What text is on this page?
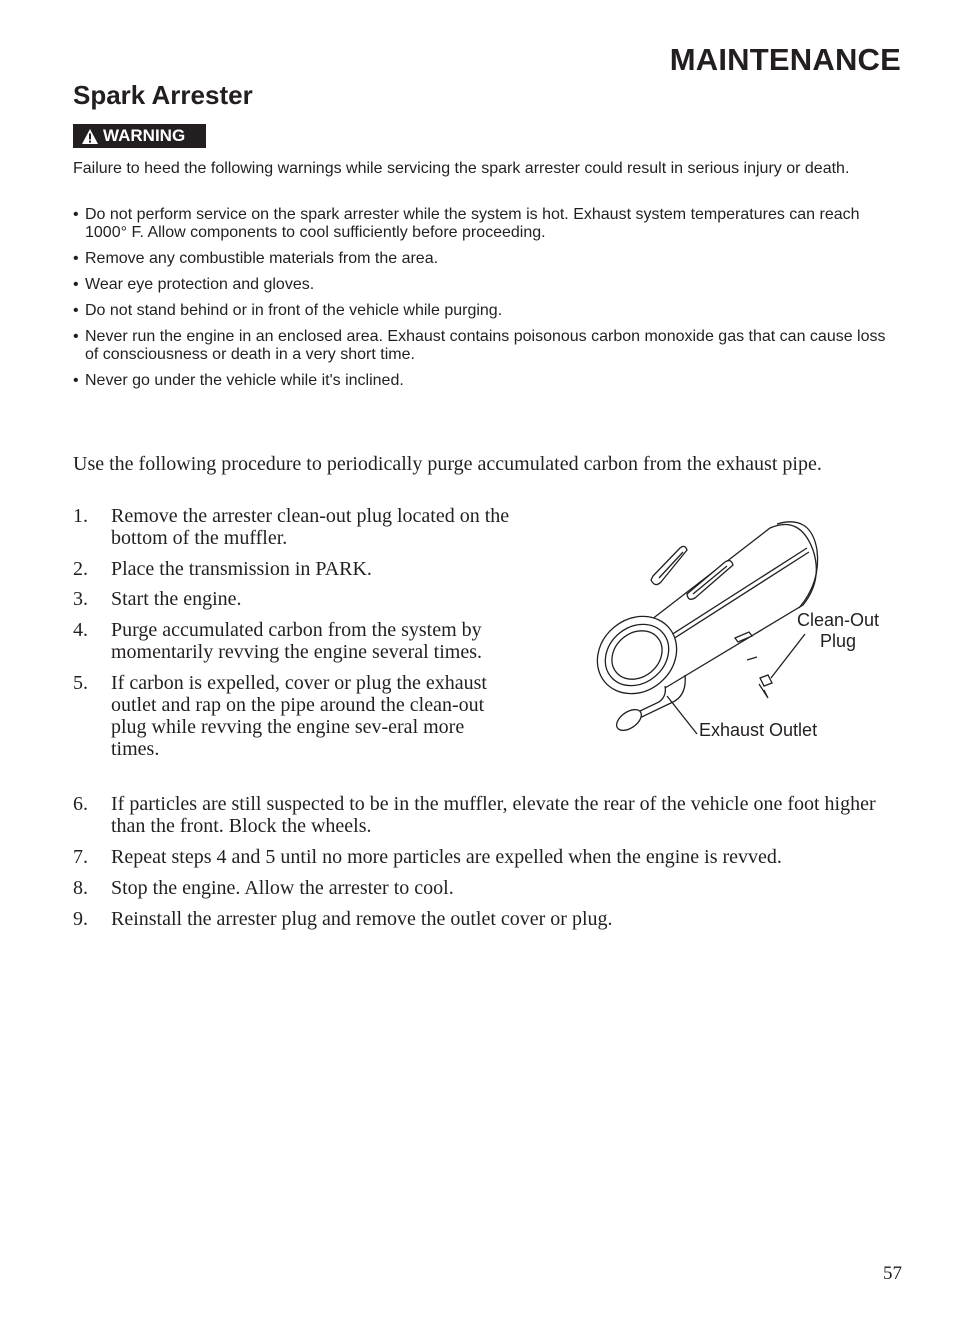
MAINTENANCE
Spark Arrester
WARNING

Failure to heed the following warnings while servicing the spark arrester could result in serious injury or death.

• Do not perform service on the spark arrester while the system is hot. Exhaust system temperatures can reach 1000° F. Allow components to cool sufficiently before proceeding.
• Remove any combustible materials from the area.
• Wear eye protection and gloves.
• Do not stand behind or in front of the vehicle while purging.
• Never run the engine in an enclosed area. Exhaust contains poisonous carbon monoxide gas that can cause loss of consciousness or death in a very short time.
• Never go under the vehicle while it's inclined.

Use the following procedure to periodically purge accumulated carbon from the exhaust pipe.

1. Remove the arrester clean-out plug located on the bottom of the muffler.
2. Place the transmission in PARK.
3. Start the engine.
4. Purge accumulated carbon from the system by momentarily revving the engine several times.
5. If carbon is expelled, cover or plug the exhaust outlet and rap on the pipe around the clean-out plug while revving the engine sev-eral more times.
6. If particles are still suspected to be in the muffler, elevate the rear of the vehicle one foot higher than the front. Block the wheels.
7. Repeat steps 4 and 5 until no more particles are expelled when the engine is revved.
8. Stop the engine. Allow the arrester to cool.
9. Reinstall the arrester plug and remove the outlet cover or plug.
Clean-Out
Plug
Exhaust Outlet
57
